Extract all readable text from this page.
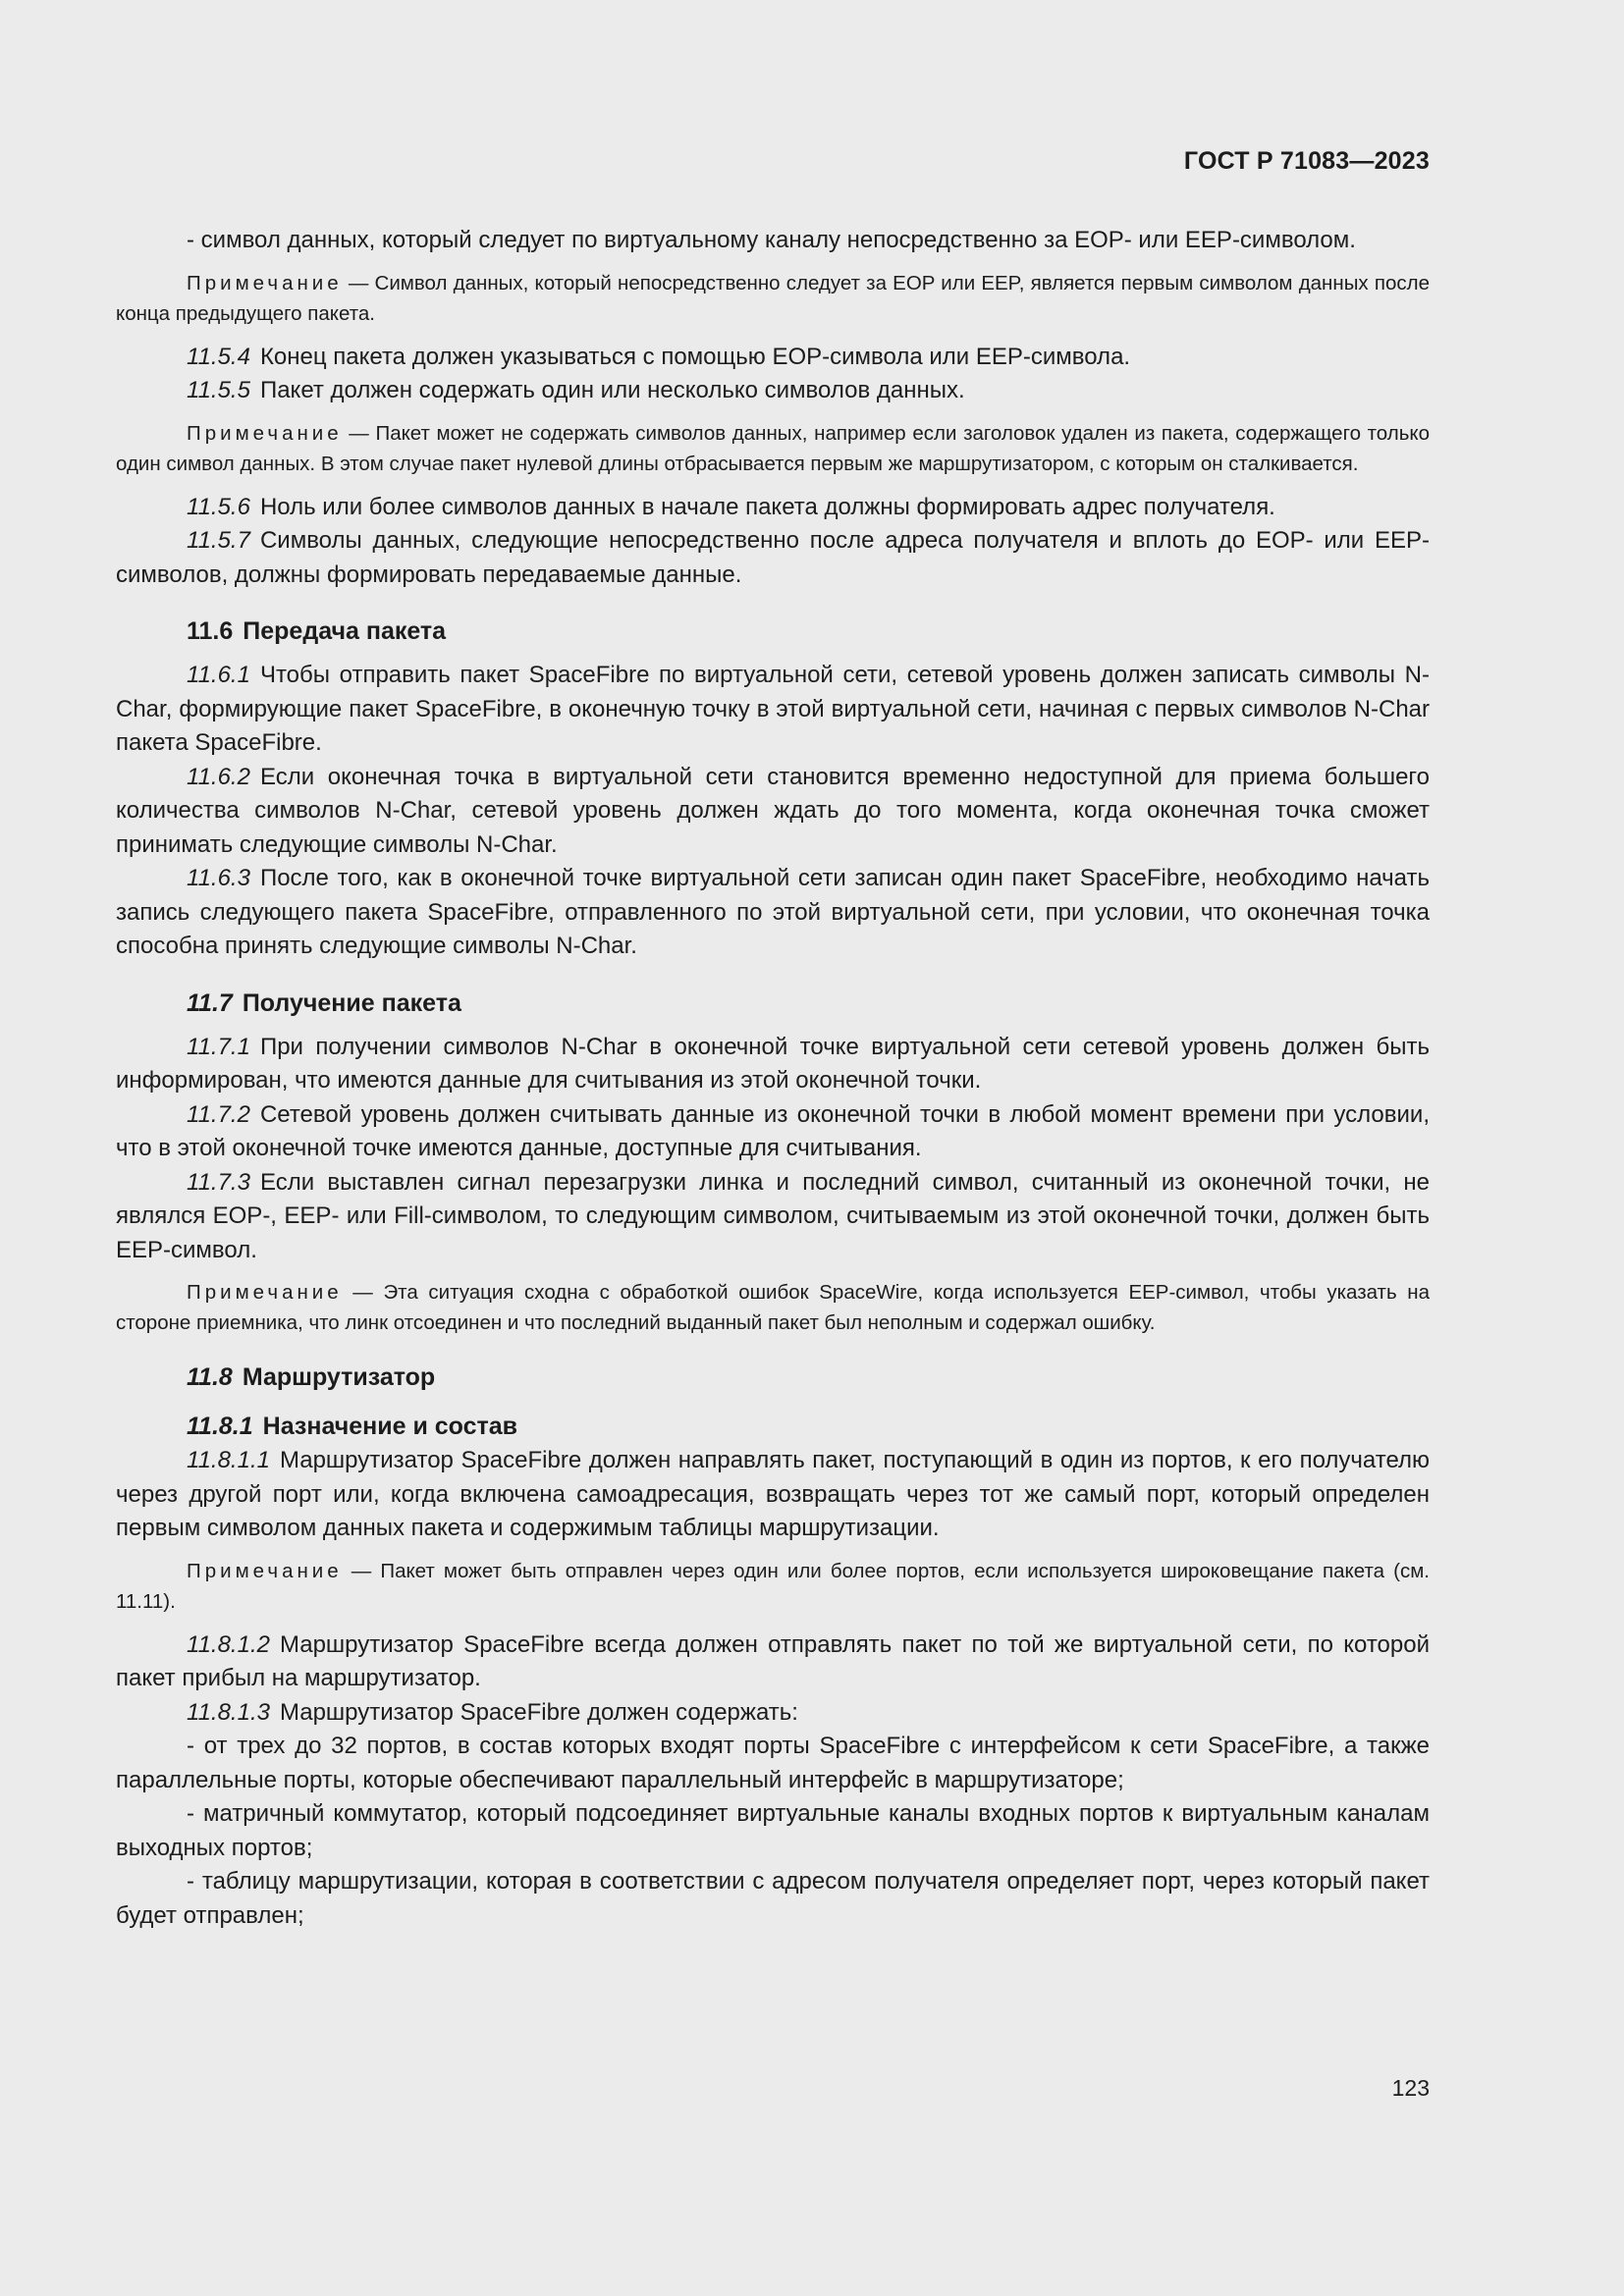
ГОСТ Р 71083—2023

- символ данных, который следует по виртуальному каналу непосредственно за EOP- или EEP-символом.

Примечание — Символ данных, который непосредственно следует за EOP или EEP, является первым символом данных после конца предыдущего пакета.

11.5.4 Конец пакета должен указываться с помощью EOP-символа или EEP-символа.

11.5.5 Пакет должен содержать один или несколько символов данных.

Примечание — Пакет может не содержать символов данных, например если заголовок удален из пакета, содержащего только один символ данных. В этом случае пакет нулевой длины отбрасывается первым же маршрутизатором, с которым он сталкивается.

11.5.6 Ноль или более символов данных в начале пакета должны формировать адрес получателя.

11.5.7 Символы данных, следующие непосредственно после адреса получателя и вплоть до EOP- или EEP-символов, должны формировать передаваемые данные.

11.6 Передача пакета

11.6.1 Чтобы отправить пакет SpaceFibre по виртуальной сети, сетевой уровень должен записать символы N-Char, формирующие пакет SpaceFibre, в оконечную точку в этой виртуальной сети, начиная с первых символов N-Char пакета SpaceFibre.

11.6.2 Если оконечная точка в виртуальной сети становится временно недоступной для приема большего количества символов N-Char, сетевой уровень должен ждать до того момента, когда оконечная точка сможет принимать следующие символы N-Char.

11.6.3 После того, как в оконечной точке виртуальной сети записан один пакет SpaceFibre, необходимо начать запись следующего пакета SpaceFibre, отправленного по этой виртуальной сети, при условии, что оконечная точка способна принять следующие символы N-Char.

11.7 Получение пакета

11.7.1 При получении символов N-Char в оконечной точке виртуальной сети сетевой уровень должен быть информирован, что имеются данные для считывания из этой оконечной точки.

11.7.2 Сетевой уровень должен считывать данные из оконечной точки в любой момент времени при условии, что в этой оконечной точке имеются данные, доступные для считывания.

11.7.3 Если выставлен сигнал перезагрузки линка и последний символ, считанный из оконечной точки, не являлся EOP-, EEP- или Fill-символом, то следующим символом, считываемым из этой оконечной точки, должен быть EEP-символ.

Примечание — Эта ситуация сходна с обработкой ошибок SpaceWire, когда используется EEP-символ, чтобы указать на стороне приемника, что линк отсоединен и что последний выданный пакет был неполным и содержал ошибку.

11.8 Маршрутизатор

11.8.1 Назначение и состав

11.8.1.1 Маршрутизатор SpaceFibre должен направлять пакет, поступающий в один из портов, к его получателю через другой порт или, когда включена самоадресация, возвращать через тот же самый порт, который определен первым символом данных пакета и содержимым таблицы маршрутизации.

Примечание — Пакет может быть отправлен через один или более портов, если используется широковещание пакета (см. 11.11).

11.8.1.2 Маршрутизатор SpaceFibre всегда должен отправлять пакет по той же виртуальной сети, по которой пакет прибыл на маршрутизатор.

11.8.1.3 Маршрутизатор SpaceFibre должен содержать:

- от трех до 32 портов, в состав которых входят порты SpaceFibre с интерфейсом к сети SpaceFibre, а также параллельные порты, которые обеспечивают параллельный интерфейс в маршрутизаторе;

- матричный коммутатор, который подсоединяет виртуальные каналы входных портов к виртуальным каналам выходных портов;

- таблицу маршрутизации, которая в соответствии с адресом получателя определяет порт, через который пакет будет отправлен;

123
